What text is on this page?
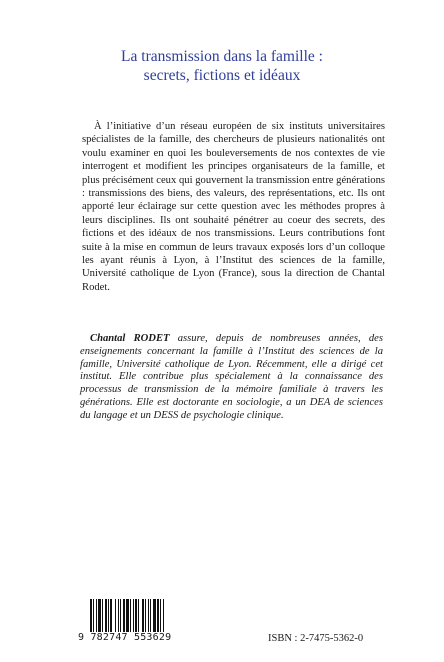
La transmission dans la famille :
secrets, fictions et idéaux

À l’initiative d’un réseau européen de six instituts universitaires spécialistes de la famille, des chercheurs de plusieurs nationalités ont voulu examiner en quoi les bouleversements de nos contextes de vie interrogent et modifient les principes organisateurs de la famille, et plus précisément ceux qui gouvernent la transmission entre générations : transmissions des biens, des valeurs, des représentations, etc. Ils ont apporté leur éclairage sur cette question avec les méthodes propres à leurs disciplines. Ils ont souhaité pénétrer au coeur des secrets, des fictions et des idéaux de nos transmissions. Leurs contributions font suite à la mise en commun de leurs travaux exposés lors d’un colloque les ayant réunis à Lyon, à l’Institut des sciences de la famille, Université catholique de Lyon (France), sous la direction de Chantal Rodet.

Chantal RODET assure, depuis de nombreuses années, des enseignements concernant la famille à l’Institut des sciences de la famille, Université catholique de Lyon. Récemment, elle a dirigé cet institut. Elle contribue plus spécialement à la connaissance des processus de transmission de la mémoire familiale à travers les générations. Elle est doctorante en sociologie, a un DEA de sciences du langage et un DESS de psychologie clinique.

9 782747 553629	ISBN : 2-7475-5362-0
